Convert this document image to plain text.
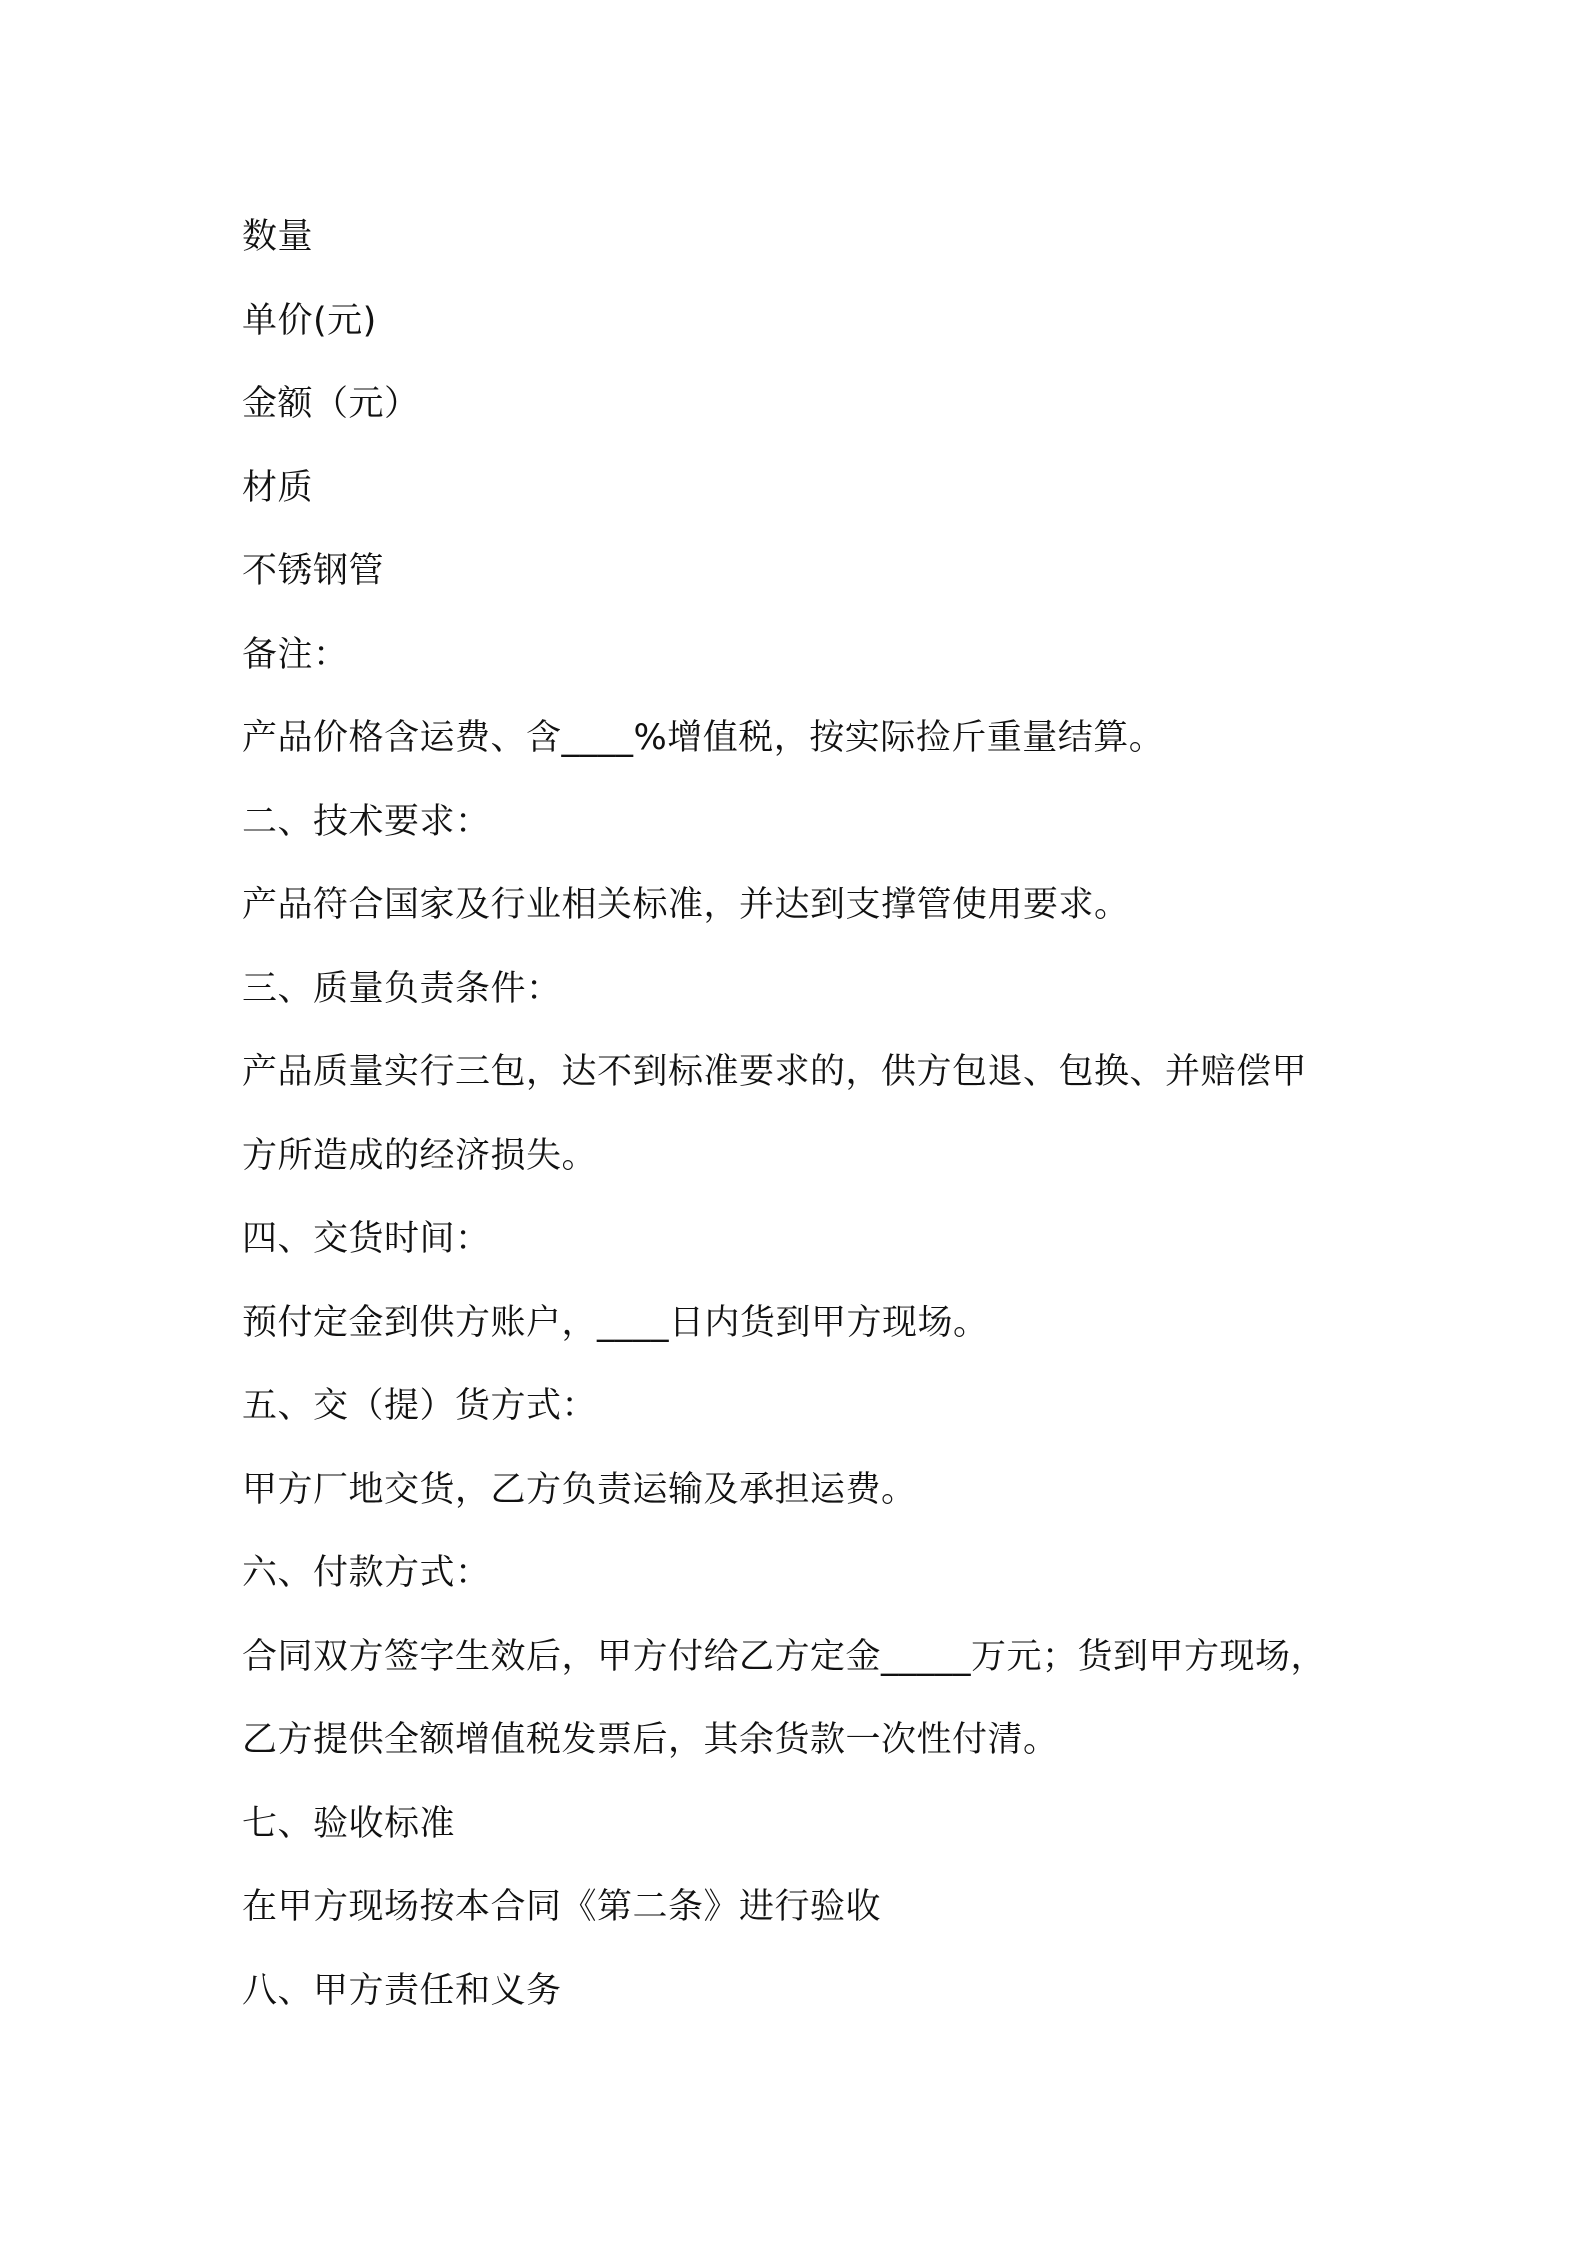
数量
单价(元)
金额（元）
材质
不锈钢管
备注：
产品价格含运费、含____%增值税，按实际捡斤重量结算。
二、技术要求：
产品符合国家及行业相关标准，并达到支撑管使用要求。
三、质量负责条件：
产品质量实行三包，达不到标准要求的，供方包退、包换、并赔偿甲
方所造成的经济损失。
四、交货时间：
预付定金到供方账户，____日内货到甲方现场。
五、交（提）货方式：
甲方厂地交货，乙方负责运输及承担运费。
六、付款方式：
合同双方签字生效后，甲方付给乙方定金_____万元；货到甲方现场，
乙方提供全额增值税发票后，其余货款一次性付清。
七、验收标准
在甲方现场按本合同《第二条》进行验收
八、甲方责任和义务
